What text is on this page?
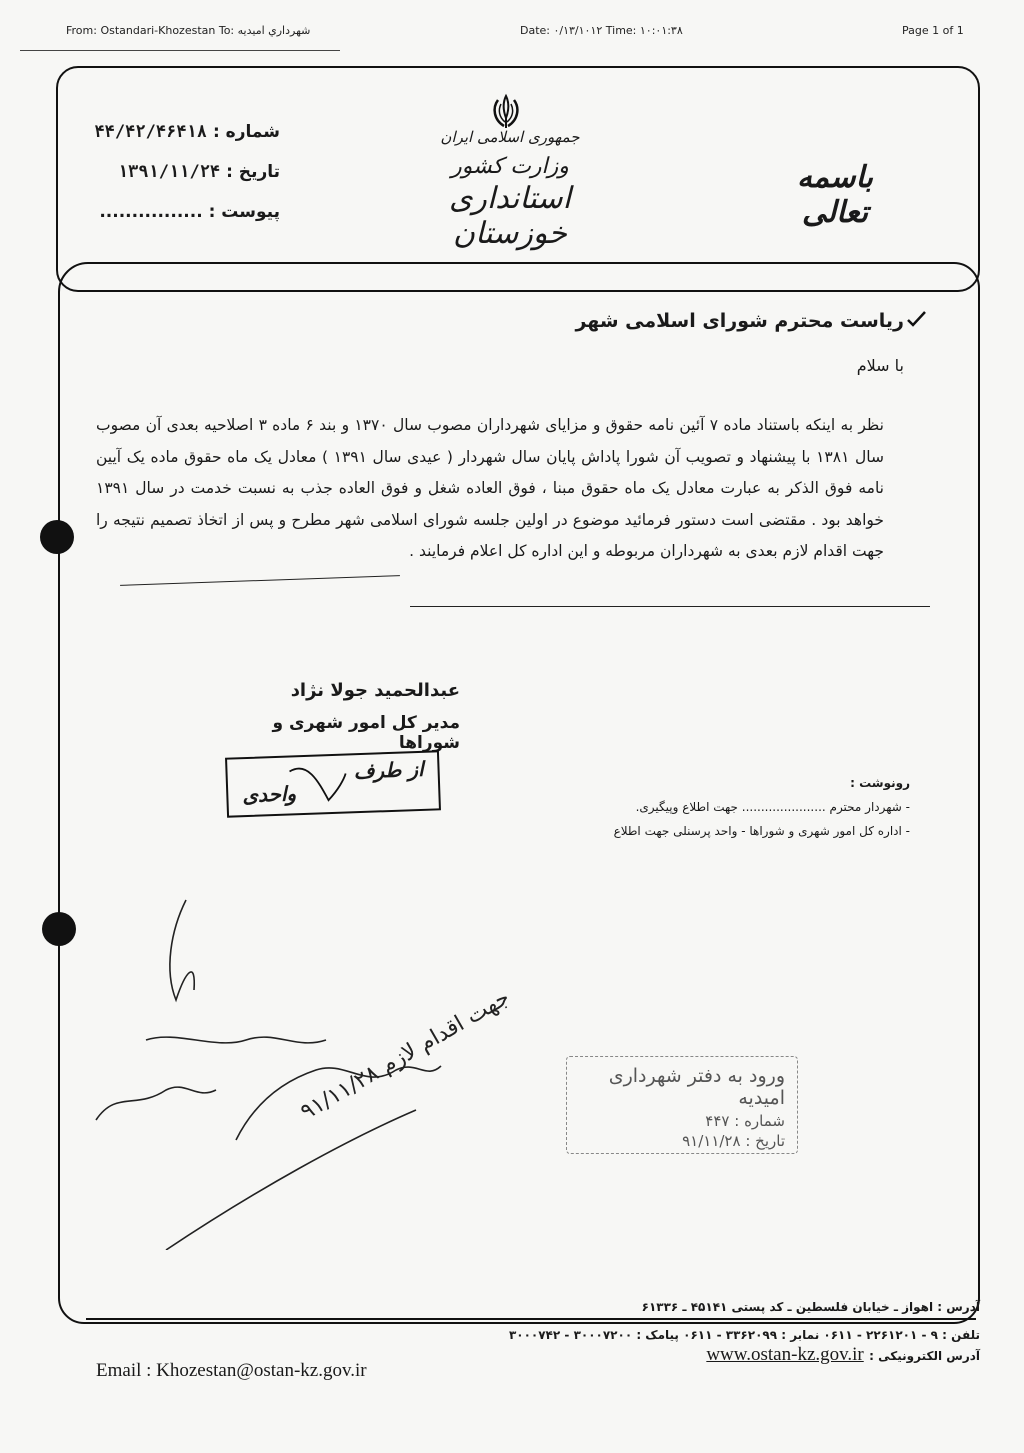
From: Ostandari-Khozestan To: شهرداري اميديه	Date: ۰/۱۳/۱۰۱۲ Time: ۱۰:۰۱:۳۸	Page 1 of 1
شماره : ۴۴/۴۲/۴۶۴۱۸
تاریخ : ۱۳۹۱/۱۱/۲۴
پیوست : ................
جمهوری اسلامی ایران
وزارت کشور
استانداری خوزستان
باسمه تعالی
ریاست محترم شورای اسلامی شهر
با سلام
نظر به اینکه باستناد ماده ۷ آئین نامه حقوق و مزایای شهرداران مصوب سال ۱۳۷۰ و بند ۶ ماده ۳ اصلاحیه بعدی آن مصوب سال ۱۳۸۱ با پیشنهاد و تصویب آن شورا پاداش پایان سال شهردار ( عیدی سال ۱۳۹۱ ) معادل یک ماه حقوق ماده یک آیین نامه فوق الذکر به عبارت معادل یک ماه حقوق مبنا ، فوق العاده شغل و فوق العاده جذب به نسبت خدمت در سال ۱۳۹۱ خواهد بود . مقتضی است دستور فرمائید موضوع در اولین جلسه شورای اسلامی شهر مطرح و پس از اتخاذ تصمیم نتیجه را جهت اقدام لازم بعدی به شهرداران مربوطه و این اداره کل اعلام فرمایند .
عبدالحمید جولا نژاد
مدیر کل امور شهری و شوراها
از طرف
واحدی	رونوشت :
- شهردار محترم ...................... جهت اطلاع وپیگیری.
- اداره کل امور شهری و شوراها - واحد پرسنلی جهت اطلاع
جهت اقدام لازم ۹۱/۱۱/۲۸	ورود به دفتر شهرداری امیدیه
شماره : ۴۴۷
تاریخ : ۹۱/۱۱/۲۸
آدرس : اهواز ـ خیابان فلسطین ـ کد پستی ۴۵۱۴۱ ـ ۶۱۳۳۶
تلفن : ۹ - ۲۲۶۱۲۰۱ - ۰۶۱۱ نمابر : ۳۳۶۲۰۹۹ - ۰۶۱۱ پیامک : ۳۰۰۰۷۲۰۰ - ۳۰۰۰۷۴۲
آدرس الکترونیکی : www.ostan-kz.gov.ir
Email : Khozestan@ostan-kz.gov.ir
